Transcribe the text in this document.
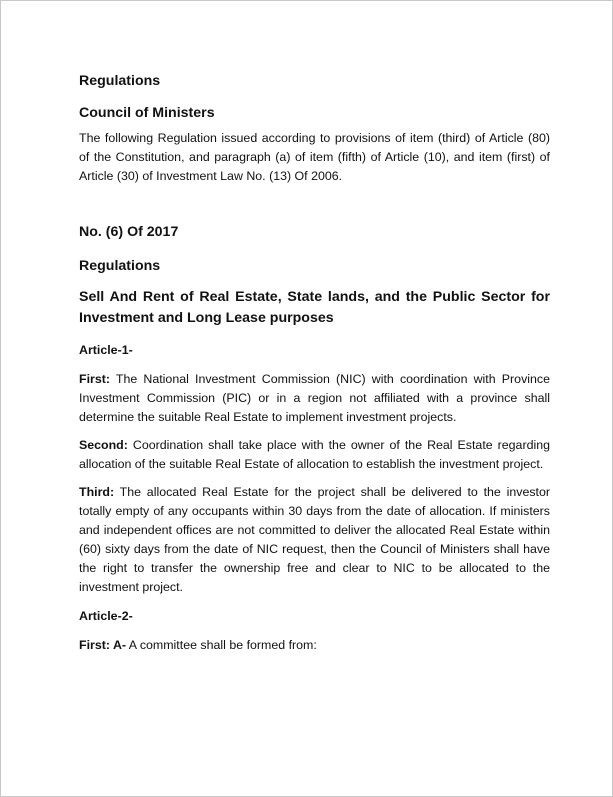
Regulations
Council of Ministers
The following Regulation issued according to provisions of item (third) of Article (80) of the Constitution, and paragraph (a) of item (fifth) of Article (10), and item (first) of Article (30) of Investment Law No. (13) Of 2006.
No. (6) Of 2017
Regulations
Sell And Rent of Real Estate, State lands, and the Public Sector for Investment and Long Lease purposes
Article-1-

First: The National Investment Commission (NIC) with coordination with Province Investment Commission (PIC) or in a region not affiliated with a province shall determine the suitable Real Estate to implement investment projects.

Second: Coordination shall take place with the owner of the Real Estate regarding allocation of the suitable Real Estate of allocation to establish the investment project.

Third: The allocated Real Estate for the project shall be delivered to the investor totally empty of any occupants within 30 days from the date of allocation. If ministers and independent offices are not committed to deliver the allocated Real Estate within (60) sixty days from the date of NIC request, then the Council of Ministers shall have the right to transfer the ownership free and clear to NIC to be allocated to the investment project.

Article-2-

First: A- A committee shall be formed from:
